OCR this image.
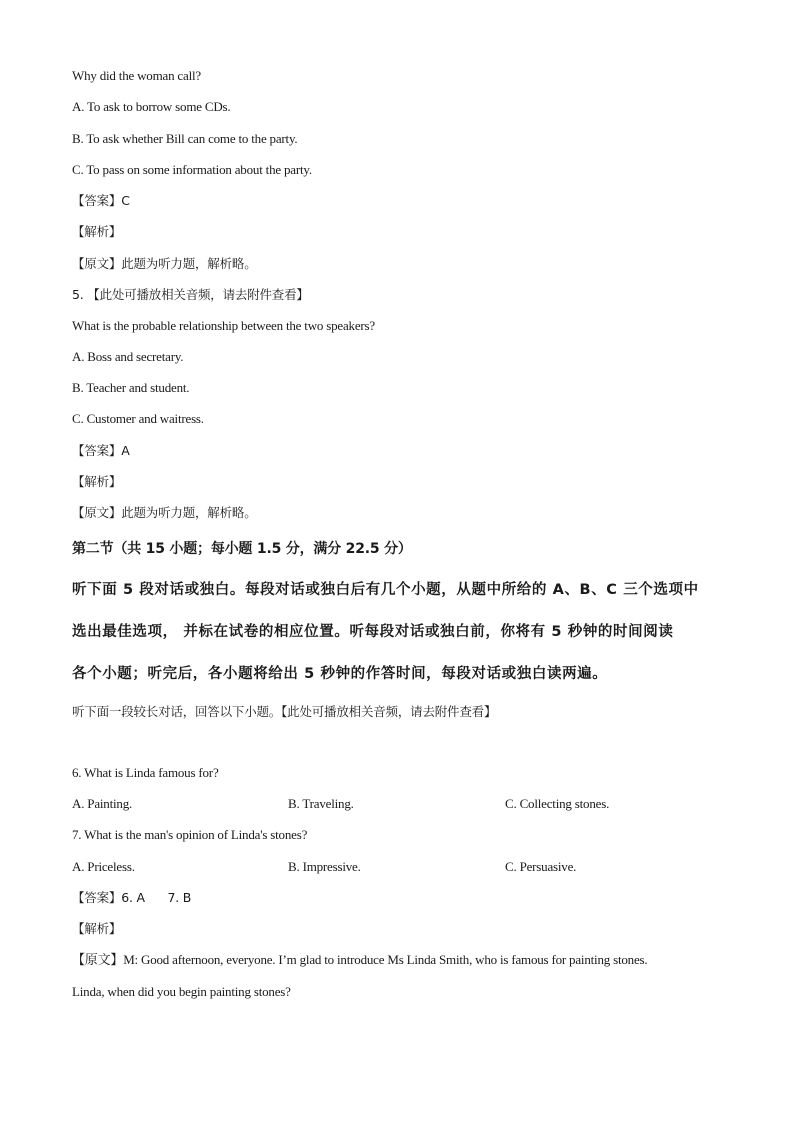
Why did the woman call?
A. To ask to borrow some CDs.
B. To ask whether Bill can come to the party.
C. To pass on some information about the party.
【答案】C
【解析】
【原文】此题为听力题，解析略。
5. 【此处可播放相关音频，请去附件查看】
What is the probable relationship between the two speakers?
A. Boss and secretary.
B. Teacher and student.
C. Customer and waitress.
【答案】A
【解析】
【原文】此题为听力题，解析略。
第二节（共 15 小题；每小题 1.5 分，满分 22.5 分）
听下面 5 段对话或独白。每段对话或独白后有几个小题，从题中所给的 A、B、C 三个选项中
选出最佳选项， 并标在试卷的相应位置。听每段对话或独白前，你将有 5 秒钟的时间阅读
各个小题；听完后，各小题将给出 5 秒钟的作答时间，每段对话或独白读两遍。
听下面一段较长对话，回答以下小题。【此处可播放相关音频，请去附件查看】
6. What is Linda famous for?
A. Painting.	B. Traveling.	C. Collecting stones.
7. What is the man's opinion of Linda's stones?
A. Priceless.	B. Impressive.	C. Persuasive.
【答案】6. A      7. B
【解析】
【原文】M: Good afternoon, everyone. I’m glad to introduce Ms Linda Smith, who is famous for painting stones.
Linda, when did you begin painting stones?
